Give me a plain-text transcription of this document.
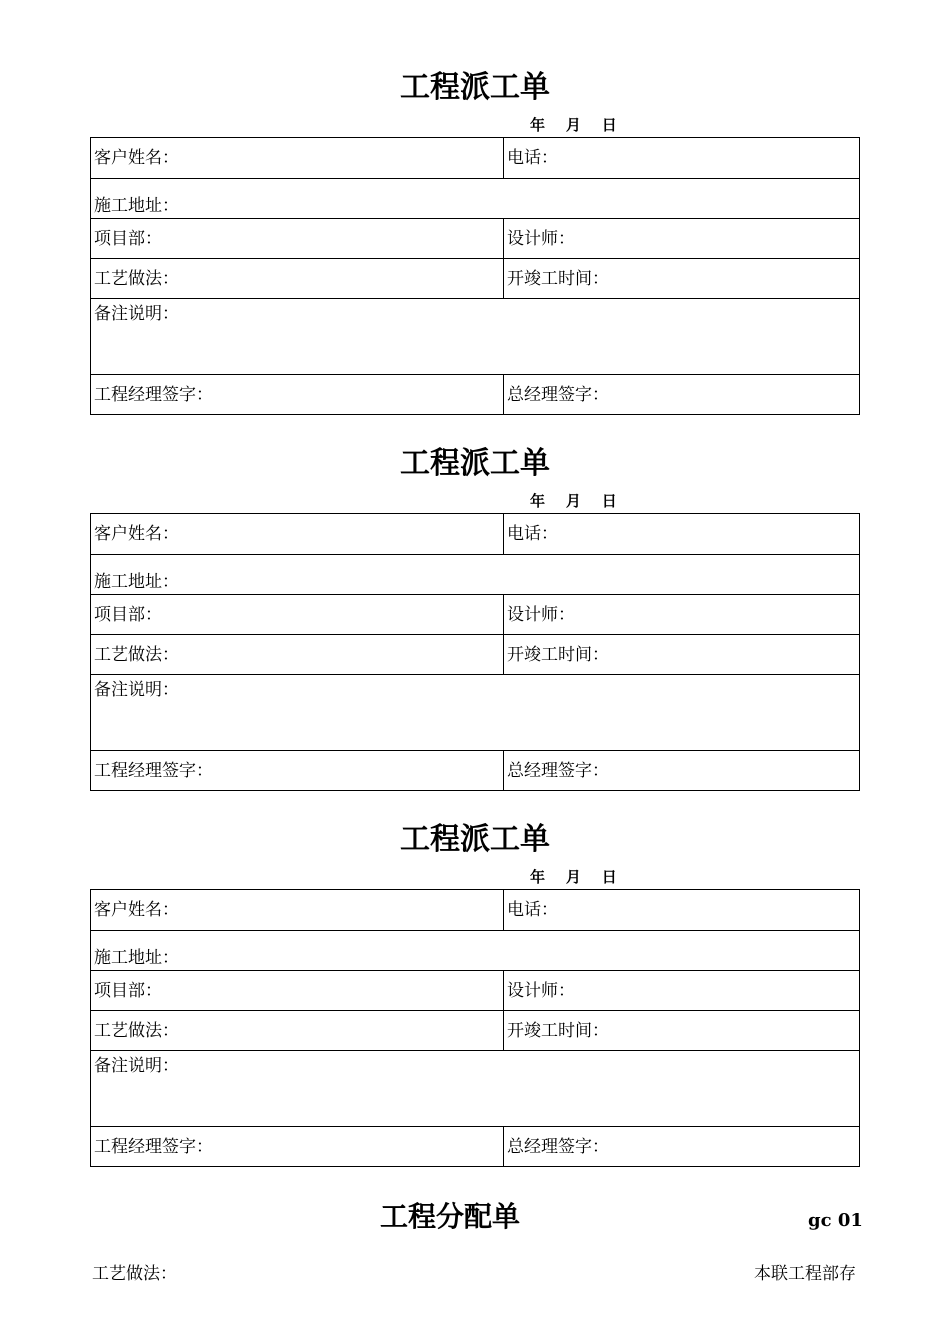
工程派工单
年    月    日
客户姓名：	电话：
施工地址：
项目部：	设计师：
工艺做法：	开竣工时间：
备注说明：
工程经理签字：	总经理签字：
工程派工单
年    月    日
客户姓名：	电话：
施工地址：
项目部：	设计师：
工艺做法：	开竣工时间：
备注说明：
工程经理签字：	总经理签字：
工程派工单
年    月    日
客户姓名：	电话：
施工地址：
项目部：	设计师：
工艺做法：	开竣工时间：
备注说明：
工程经理签字：	总经理签字：
工程分配单	gc 01
工艺做法：	本联工程部存
